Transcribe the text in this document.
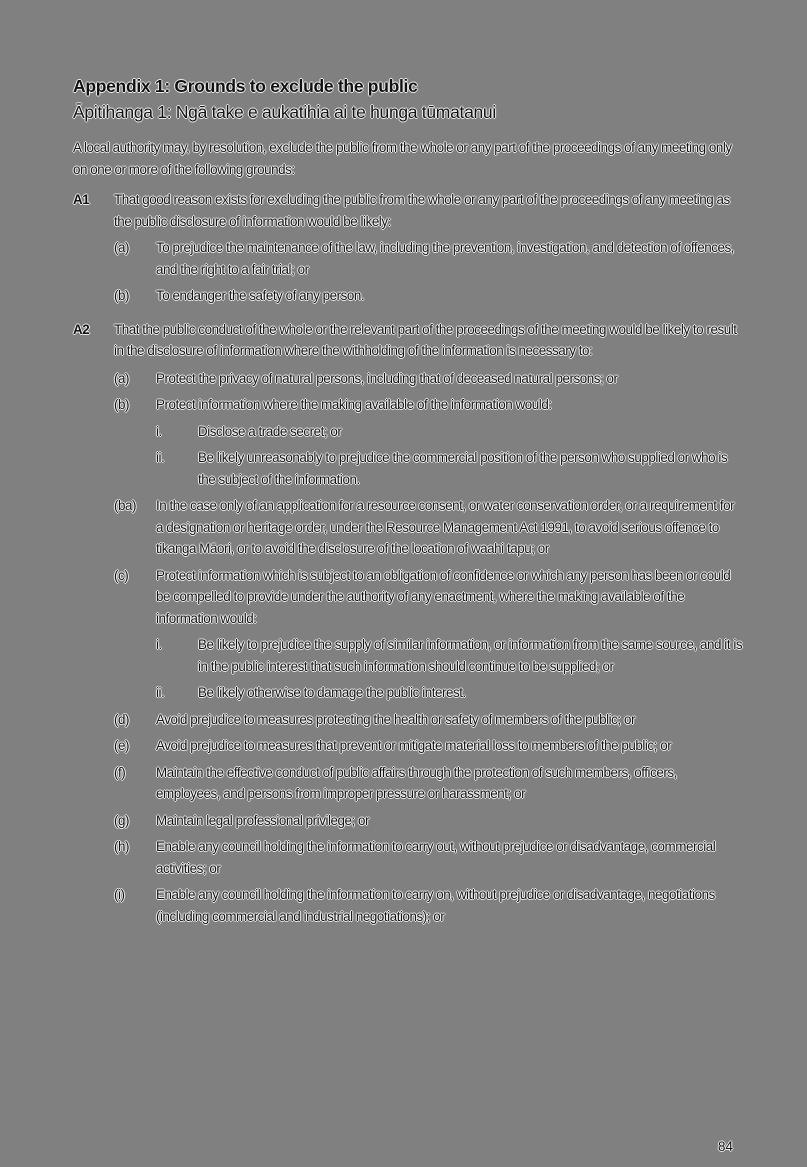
Appendix 1: Grounds to exclude the public
Āpitihanga 1: Ngā take e aukatihia ai te hunga tūmatanui

A local authority may, by resolution, exclude the public from the whole or any part of the proceedings of any meeting only on one or more of the following grounds:

A1	That good reason exists for excluding the public from the whole or any part of the proceedings of any meeting as the public disclosure of information would be likely:

(a)	To prejudice the maintenance of the law, including the prevention, investigation, and detection of offences, and the right to a fair trial; or

(b)	To endanger the safety of any person.

A2	That the public conduct of the whole or the relevant part of the proceedings of the meeting would be likely to result in the disclosure of information where the withholding of the information is necessary to:

(a)	Protect the privacy of natural persons, including that of deceased natural persons; or

(b)	Protect information where the making available of the information would:

i.	Disclose a trade secret; or

ii.	Be likely unreasonably to prejudice the commercial position of the person who supplied or who is the subject of the information.

(ba)	In the case only of an application for a resource consent, or water conservation order, or a requirement for a designation or heritage order, under the Resource Management Act 1991, to avoid serious offence to tikanga Māori, or to avoid the disclosure of the location of waahi tapu; or

(c)	Protect information which is subject to an obligation of confidence or which any person has been or could be compelled to provide under the authority of any enactment, where the making available of the information would:

i.	Be likely to prejudice the supply of similar information, or information from the same source, and it is in the public interest that such information should continue to be supplied; or

ii.	Be likely otherwise to damage the public interest.

(d)	Avoid prejudice to measures protecting the health or safety of members of the public; or

(e)	Avoid prejudice to measures that prevent or mitigate material loss to members of the public; or

(f)	Maintain the effective conduct of public affairs through the protection of such members, officers, employees, and persons from improper pressure or harassment; or

(g)	Maintain legal professional privilege; or

(h)	Enable any council holding the information to carry out, without prejudice or disadvantage, commercial activities; or

(i)	Enable any council holding the information to carry on, without prejudice or disadvantage, negotiations (including commercial and industrial negotiations); or

84
